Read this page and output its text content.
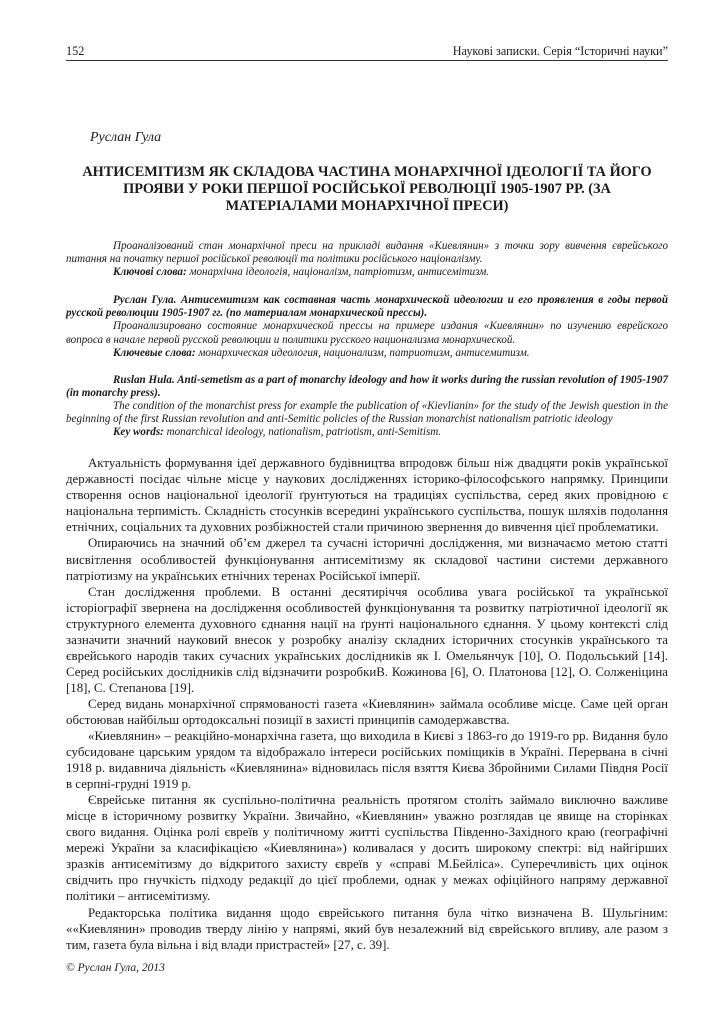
152	Наукові записки. Серія “Історичні науки”
Руслан Гула
АНТИСЕМІТИЗМ ЯК СКЛАДОВА ЧАСТИНА МОНАРХІЧНОЇ ІДЕОЛОГІЇ ТА ЙОГО ПРОЯВИ У РОКИ ПЕРШОЇ РОСІЙСЬКОЇ РЕВОЛЮЦІЇ 1905-1907 РР. (ЗА МАТЕРІАЛАМИ МОНАРХІЧНОЇ ПРЕСИ)

Проаналізований стан монархічної преси на прикладі видання «Киевлянин» з точки зору вивчення єврейського питання на початку першої російської революції та політики російського націоналізму.

Ключові слова: монархічна ідеологія, націоналізм, патріотизм, антисемітизм.

Руслан Гула. Антисемитизм как составная часть монархической идеологии и его проявления в годы первой русской революции 1905-1907 гг. (по материалам монархической прессы).

Проанализировано состояние монархической прессы на примере издания «Киевлянин» по изучению еврейского вопроса в начале первой русской революции и политики русского национализма монархической.

Ключевые слова: монархическая идеология, национализм, патриотизм, антисемитизм.

Ruslan Hula. Anti-semetism as a part of monarchy ideology and how it works during the russian revolution of 1905-1907 (in monarchy press).

The condition of the monarchist press for example the publication of «Kievlianin» for the study of the Jewish question in the beginning of the first Russian revolution and anti-Semitic policies of the Russian monarchist nationalism patriotic ideology

Key words: monarchical ideology, nationalism, patriotism, anti-Semitism.

Актуальність формування ідеї державного будівництва впродовж більш ніж двадцяти років української державності посідає чільне місце у наукових дослідженнях історико-філософського напрямку. Принципи створення основ національної ідеології ґрунтуються на традиціях суспільства, серед яких провідною є національна терпимість. Складність стосунків всередині українського суспільства, пошук шляхів подолання етнічних, соціальних та духовних розбіжностей стали причиною звернення до вивчення цієї проблематики.

Опираючись на значний об’єм джерел та сучасні історичні дослідження, ми визначаємо метою статті висвітлення особливостей функціонування антисемітизму як складової частини системи державного патріотизму на українських етнічних теренах Російської імперії.

Стан дослідження проблеми. В останні десятиріччя особлива увага російської та української історіографії звернена на дослідження особливостей функціонування та розвитку патріотичної ідеології як структурного елемента духовного єднання нації на ґрунті національного єднання. У цьому контексті слід зазначити значний науковий внесок у розробку аналізу складних історичних стосунків українського та єврейського народів таких сучасних українських дослідників як І. Омельянчук [10], О. Подольський [14]. Серед російських дослідників слід відзначити розробкиВ. Кожинова [6], О. Платонова [12], О. Солженіцина [18], С. Степанова [19].

Серед видань монархічної спрямованості газета «Киевлянин» займала особливе місце. Саме цей орган обстоював найбільш ортодоксальні позиції в захисті принципів самодержавства.

«Киевлянин» – реакційно-монархічна газета, що виходила в Києві з 1863-го до 1919-го рр. Видання було субсидоване царським урядом та відображало інтереси російських поміщиків в Україні. Перервана в січні 1918 р. видавнича діяльність «Киевлянина» відновилась після взяття Києва Збройними Силами Півдня Росії в серпні-грудні 1919 р.

Єврейське питання як суспільно-політична реальність протягом століть займало виключно важливе місце в історичному розвитку України. Звичайно, «Киевлянин» уважно розглядав це явище на сторінках свого видання. Оцінка ролі євреїв у політичному житті суспільства Південно-Західного краю (географічні мережі України за класифікацією «Киевлянина») коливалася у досить широкому спектрі: від найгірших зразків антисемітизму до відкритого захисту євреїв у «справі М.Бейліса». Суперечливість цих оцінок свідчить про гнучкість підходу редакції до цієї проблеми, однак у межах офіційного напряму державної політики – антисемітизму.

Редакторська політика видання щодо єврейського питання була чітко визначена В. Шульгіним: ««Киевлянин» проводив тверду лінію у напрямі, який був незалежний від єврейського впливу, але разом з тим, газета була вільна і від влади пристрастей» [27, с. 39].

© Руслан Гула, 2013
